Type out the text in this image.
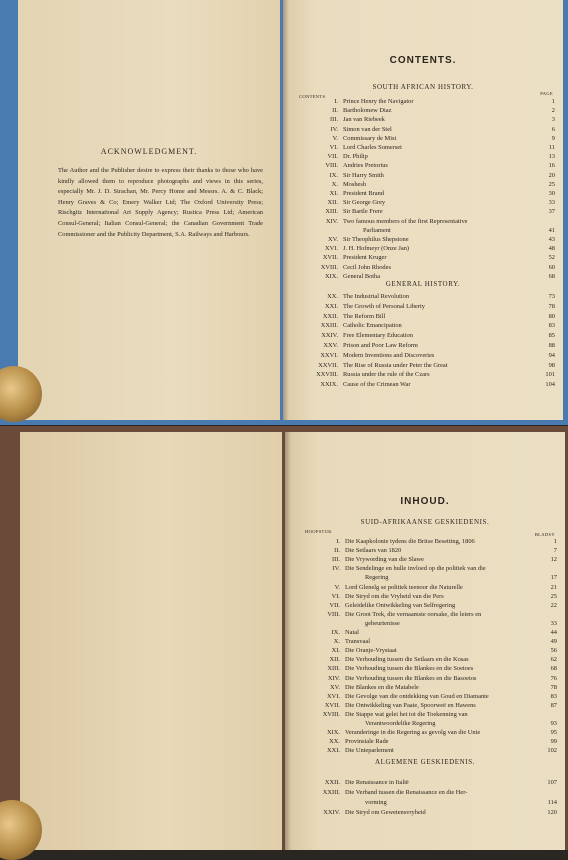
ACKNOWLEDGMENT.
The Author and the Publisher desire to express their thanks to those who have kindly allowed them to reproduce photographs and views in this series, especially Mr. J. D. Strachan, Mr. Percy Home and Messrs. A. & C. Black; Henry Graves & Co; Emery Walker Ltd; The Oxford University Press; Rischgitz International Art Supply Agency; Rustica Press Ltd; American Consul-General; Italian Consul-General; the Canadian Government Trade Commissioner and the Publicity Department, S.A. Railways and Harbours.
CONTENTS.
SOUTH AFRICAN HISTORY.
CONTENTS
PAGE
GENERAL HISTORY.
I. Prince Henry the Navigator	1
II. Bartholomew Diaz	2
III. Jan van Riebeek	3
IV. Simon van der Stel	6
V. Commissary de Mist	9
VI. Lord Charles Somerset	11
VII. Dr. Philip	13
VIII. Andries Pretorius	16
IX. Sir Harry Smith	20
X. Moshesh	25
XI. President Brand	30
XII. Sir George Grey	33
XIII. Sir Bartle Frere	37
XIV. Two famous members of the first Representative
Parliament	41
XV. Sir Theophilus Shepstone	43
XVI. J. H. Hofmeyr (Onze Jan)	48
XVII. President Kruger	52
XVIII. Cecil John Rhodes	60
XIX. General Botha	68
XX. The Industrial Revolution	73
XXI. The Growth of Personal Liberty	78
XXII. The Reform Bill	80
XXIII. Catholic Emancipation	83
XXIV. Free Elementary Education	85
XXV. Prison and Poor Law Reform	88
XXVI. Modern Inventions and Discoveries	94
XXVII. The Rise of Russia under Peter the Great	98
XXVIII. Russia under the rule of the Czars	101
XXIX. Cause of the Crimean War	104
INHOUD.
SUID-AFRIKAANSE GESKIEDENIS.
HOOFSTUK
BLADSY
ALGEMENE GESKIEDENIS.
I. Die Kaapkolonie tydens die Britse Besetting, 1806	1
II. Die Setlaars van 1820	7
III. Die Vrywording van die Slawe	12
IV. Die Sendelinge en hulle invloed op die politiek van die
Regering	17
V. Lord Glenelg se politiek teenoor die Naturelle	21
VI. Die Stryd om die Vryheid van die Pers	25
VII. Geleidelike Ontwikkeling van Selfregering	22
VIII. Die Groot Trek, die vernaamste oorsake, die leiers en
gebeurtenisse	33
IX. Natal	44
X. Transvaal	49
XI. Die Oranje-Vrystaat	56
XII. Die Verhouding tussen die Setlaars en die Kosas	62
XIII. Die Verhouding tussen die Blankes en die Soetoes	68
XIV. Die Verhouding tussen die Blankes en die Basoetos	76
XV. Die Blankes en die Matabele	78
XVI. Die Gevolge van die ontdekking van Goud en Diamante	83
XVII. Die Ontwikkeling van Paaie, Spoorweë en Hawens	87
XVIII. Die Stappe wat gelei het tot die Toekenning van
Verantwoordelike Regering	93
XIX. Veranderinge in die Regering as gevolg van die Unie	95
XX. Provinsiale Rade	99
XXI. Die Unieparlement	102
XXII. Die Renaissance in Italië	107
XXIII. Die Verband tussen die Renaissance en die Her-
vorming	114
XXIV. Die Stryd om Gewetensvryheid	120
